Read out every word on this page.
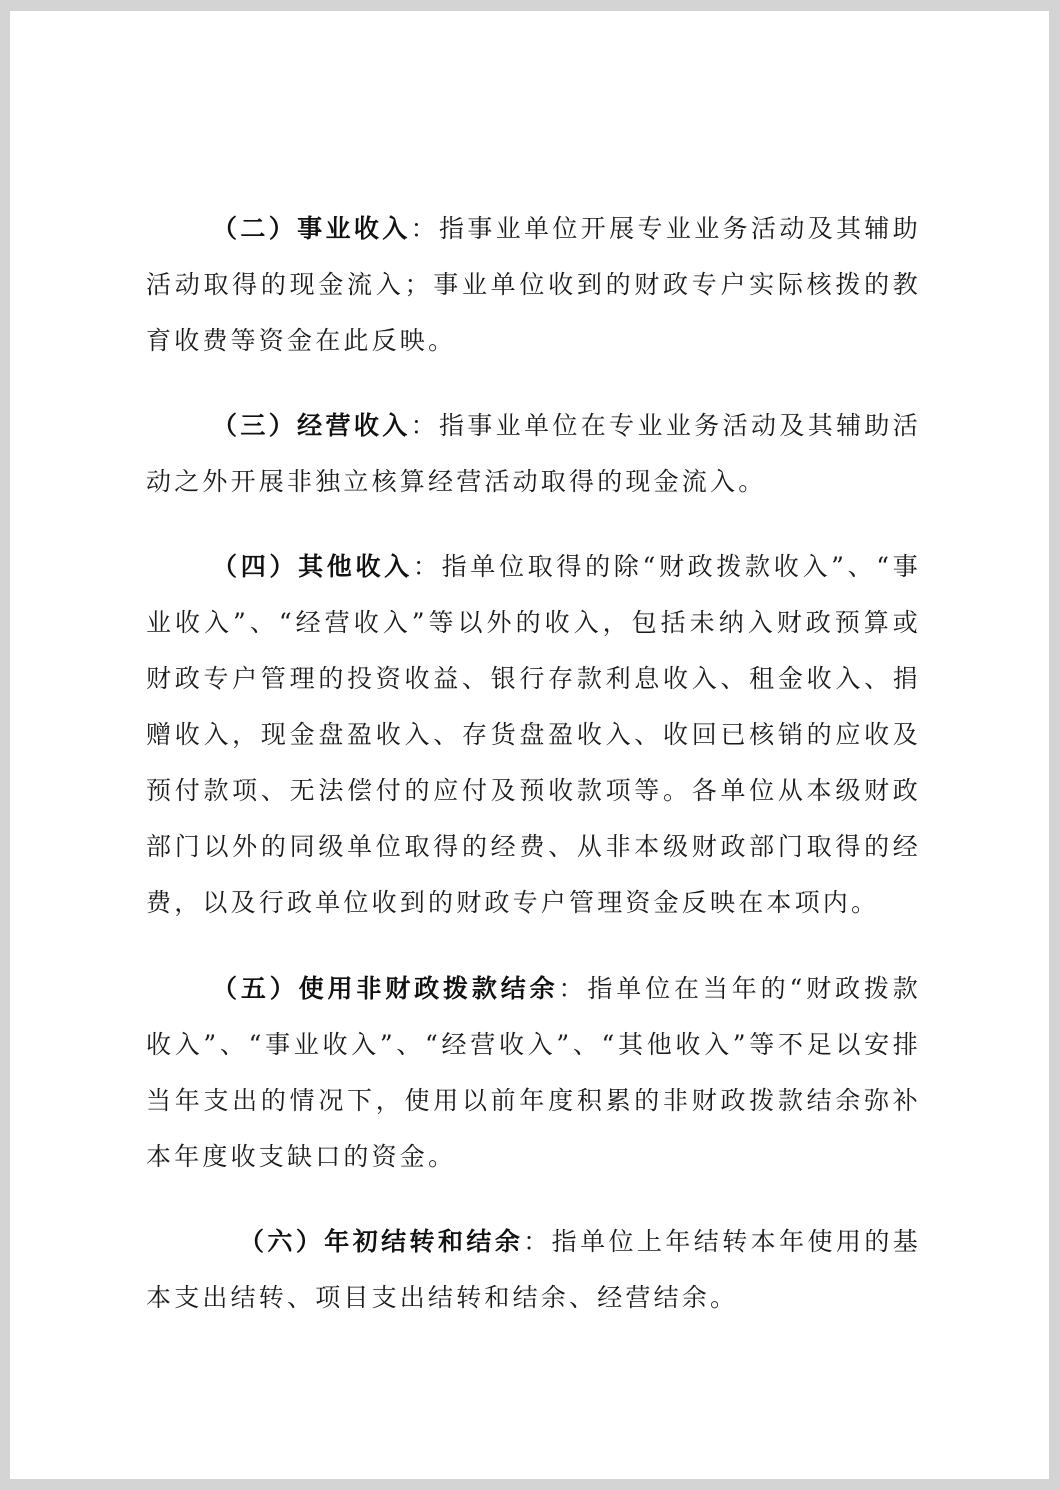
（二）事业收入：指事业单位开展专业业务活动及其辅助活动取得的现金流入；事业单位收到的财政专户实际核拨的教育收费等资金在此反映。

（三）经营收入：指事业单位在专业业务活动及其辅助活动之外开展非独立核算经营活动取得的现金流入。

（四）其他收入：指单位取得的除“财政拨款收入”、“事业收入”、“经营收入”等以外的收入，包括未纳入财政预算或财政专户管理的投资收益、银行存款利息收入、租金收入、捐赠收入，现金盘盈收入、存货盘盈收入、收回已核销的应收及预付款项、无法偿付的应付及预收款项等。各单位从本级财政部门以外的同级单位取得的经费、从非本级财政部门取得的经费，以及行政单位收到的财政专户管理资金反映在本项内。

（五）使用非财政拨款结余：指单位在当年的“财政拨款收入”、“事业收入”、“经营收入”、“其他收入”等不足以安排当年支出的情况下，使用以前年度积累的非财政拨款结余弥补本年度收支缺口的资金。

（六）年初结转和结余：指单位上年结转本年使用的基本支出结转、项目支出结转和结余、经营结余。
